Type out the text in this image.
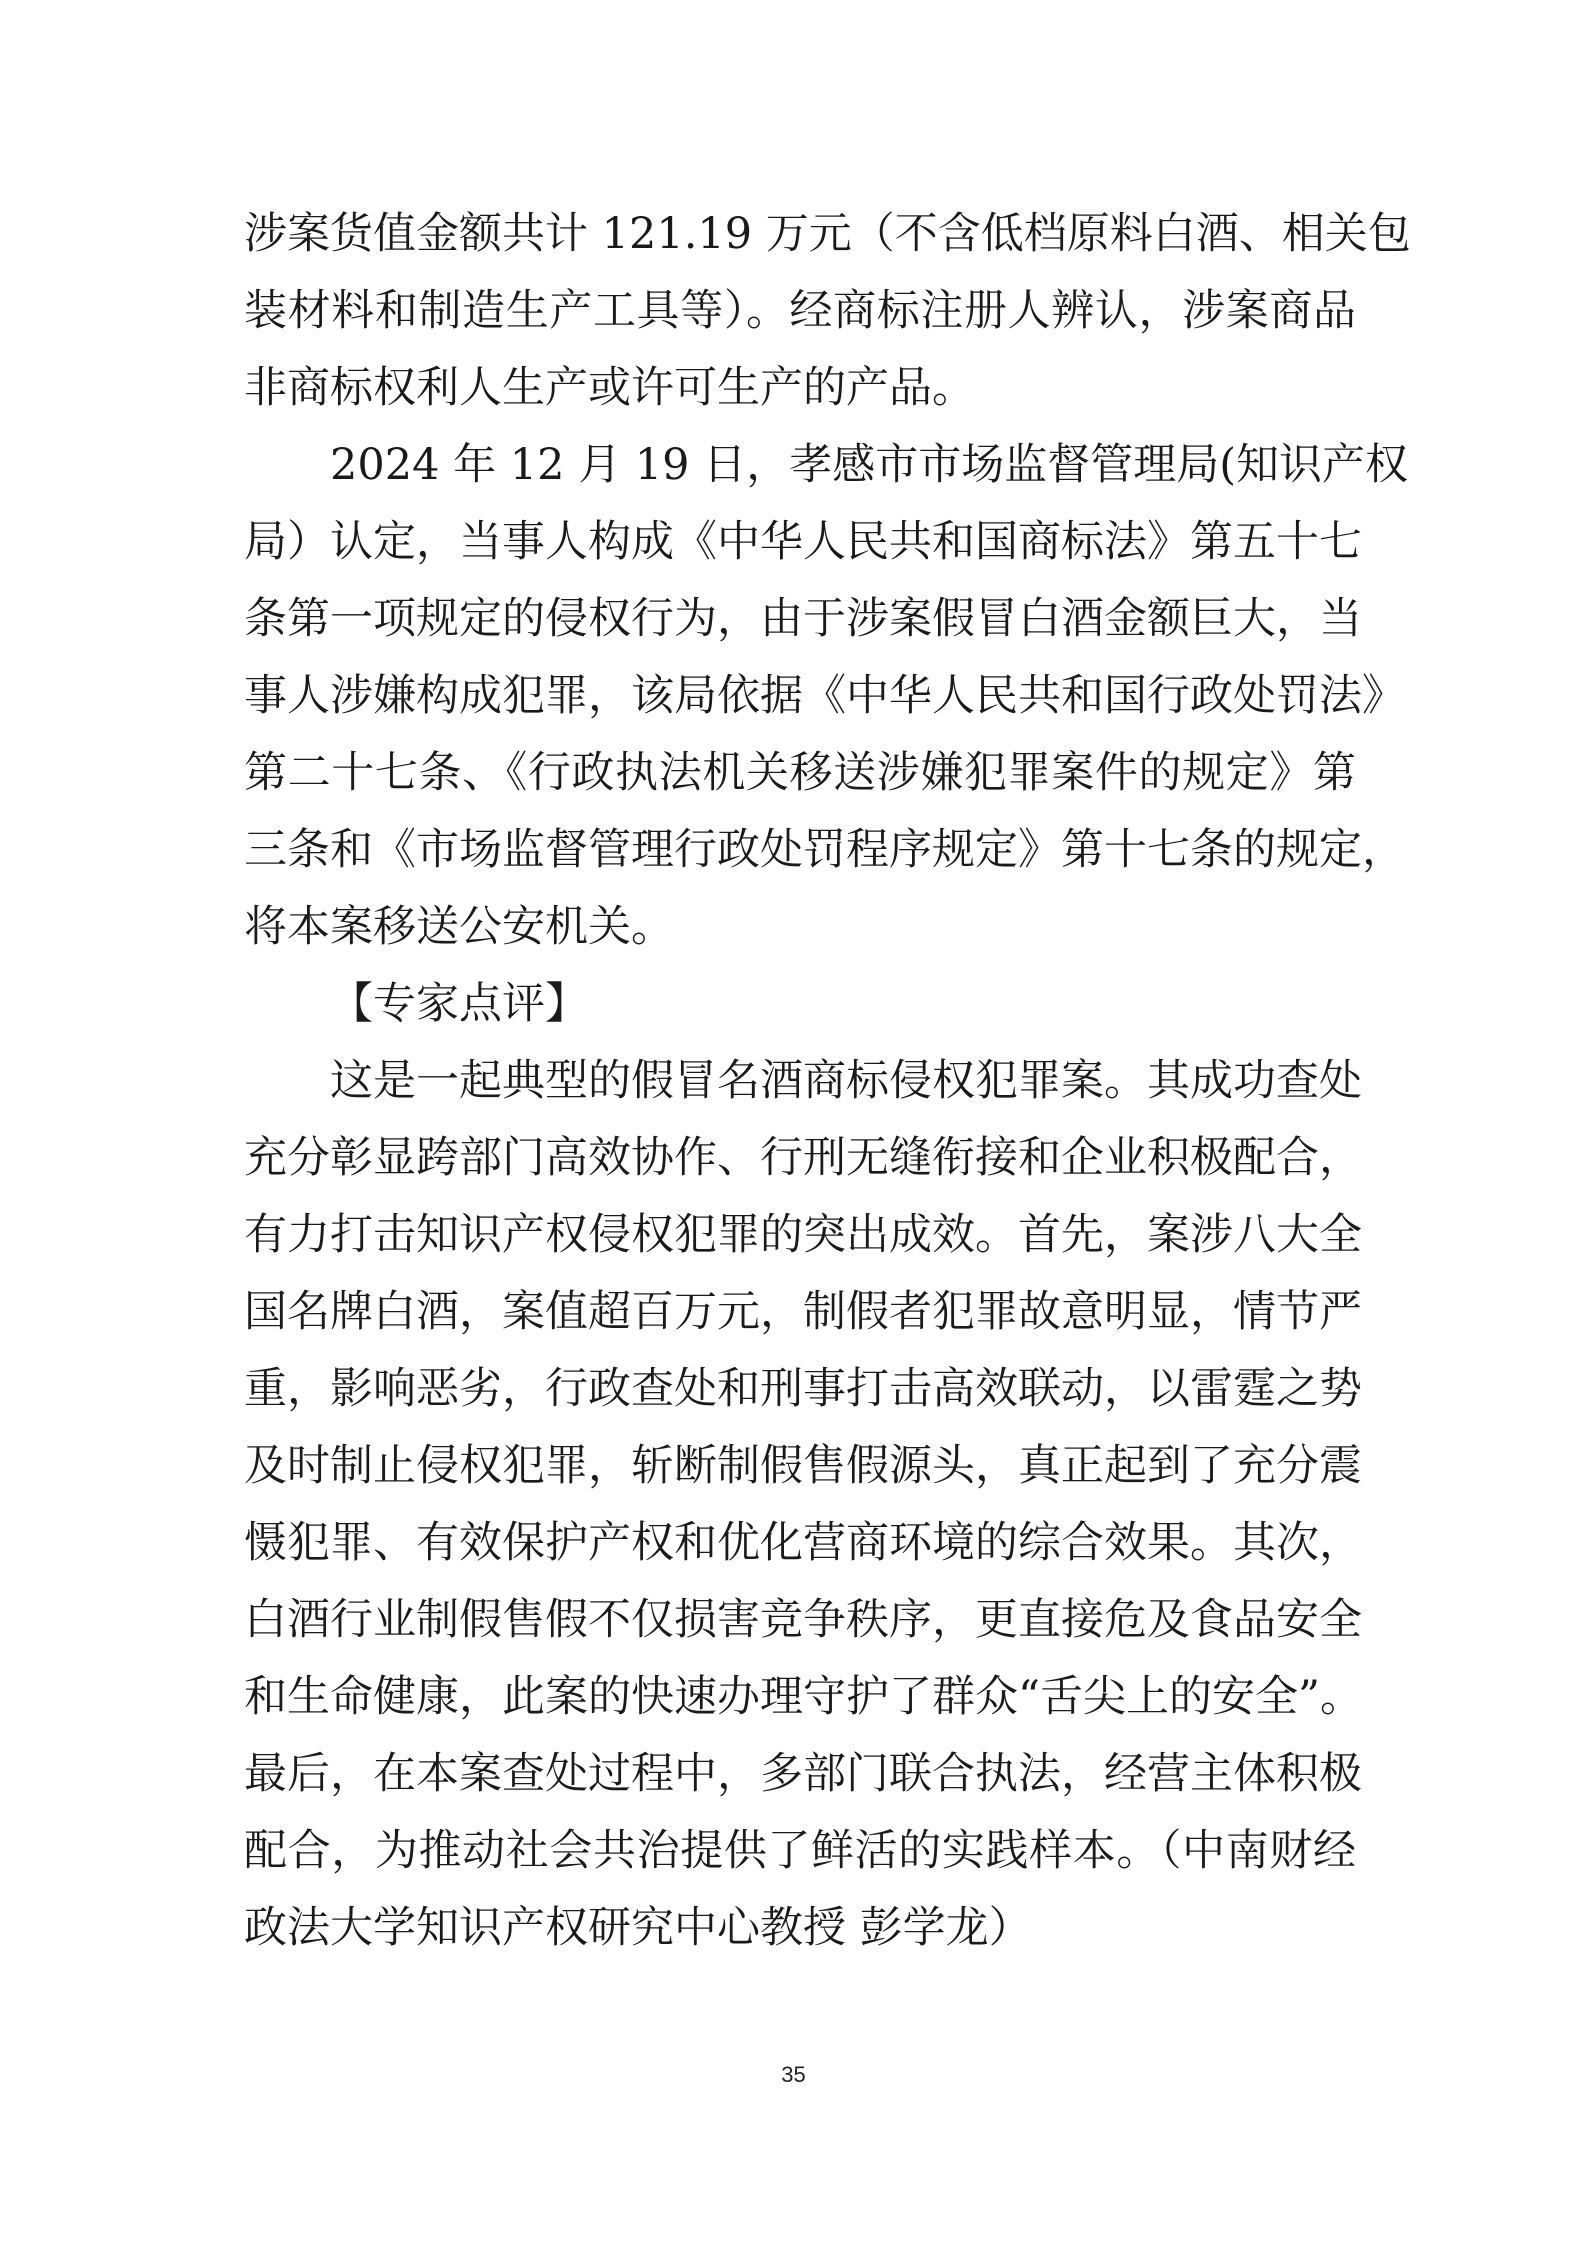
涉案货值金额共计 121.19 万元（不含低档原料白酒、相关包
装材料和制造生产工具等）。经商标注册人辨认，涉案商品
非商标权利人生产或许可生产的产品。
2024 年 12 月 19 日，孝感市市场监督管理局(知识产权
局）认定，当事人构成《中华人民共和国商标法》第五十七
条第一项规定的侵权行为，由于涉案假冒白酒金额巨大，当
事人涉嫌构成犯罪，该局依据《中华人民共和国行政处罚法》
第二十七条、《行政执法机关移送涉嫌犯罪案件的规定》第
三条和《市场监督管理行政处罚程序规定》第十七条的规定，
将本案移送公安机关。
【专家点评】
这是一起典型的假冒名酒商标侵权犯罪案。其成功查处
充分彰显跨部门高效协作、行刑无缝衔接和企业积极配合，
有力打击知识产权侵权犯罪的突出成效。首先，案涉八大全
国名牌白酒，案值超百万元，制假者犯罪故意明显，情节严
重，影响恶劣，行政查处和刑事打击高效联动，以雷霆之势
及时制止侵权犯罪，斩断制假售假源头，真正起到了充分震
慑犯罪、有效保护产权和优化营商环境的综合效果。其次，
白酒行业制假售假不仅损害竞争秩序，更直接危及食品安全
和生命健康，此案的快速办理守护了群众“舌尖上的安全”。
最后，在本案查处过程中，多部门联合执法，经营主体积极
配合，为推动社会共治提供了鲜活的实践样本。（中南财经
政法大学知识产权研究中心教授 彭学龙）
35
